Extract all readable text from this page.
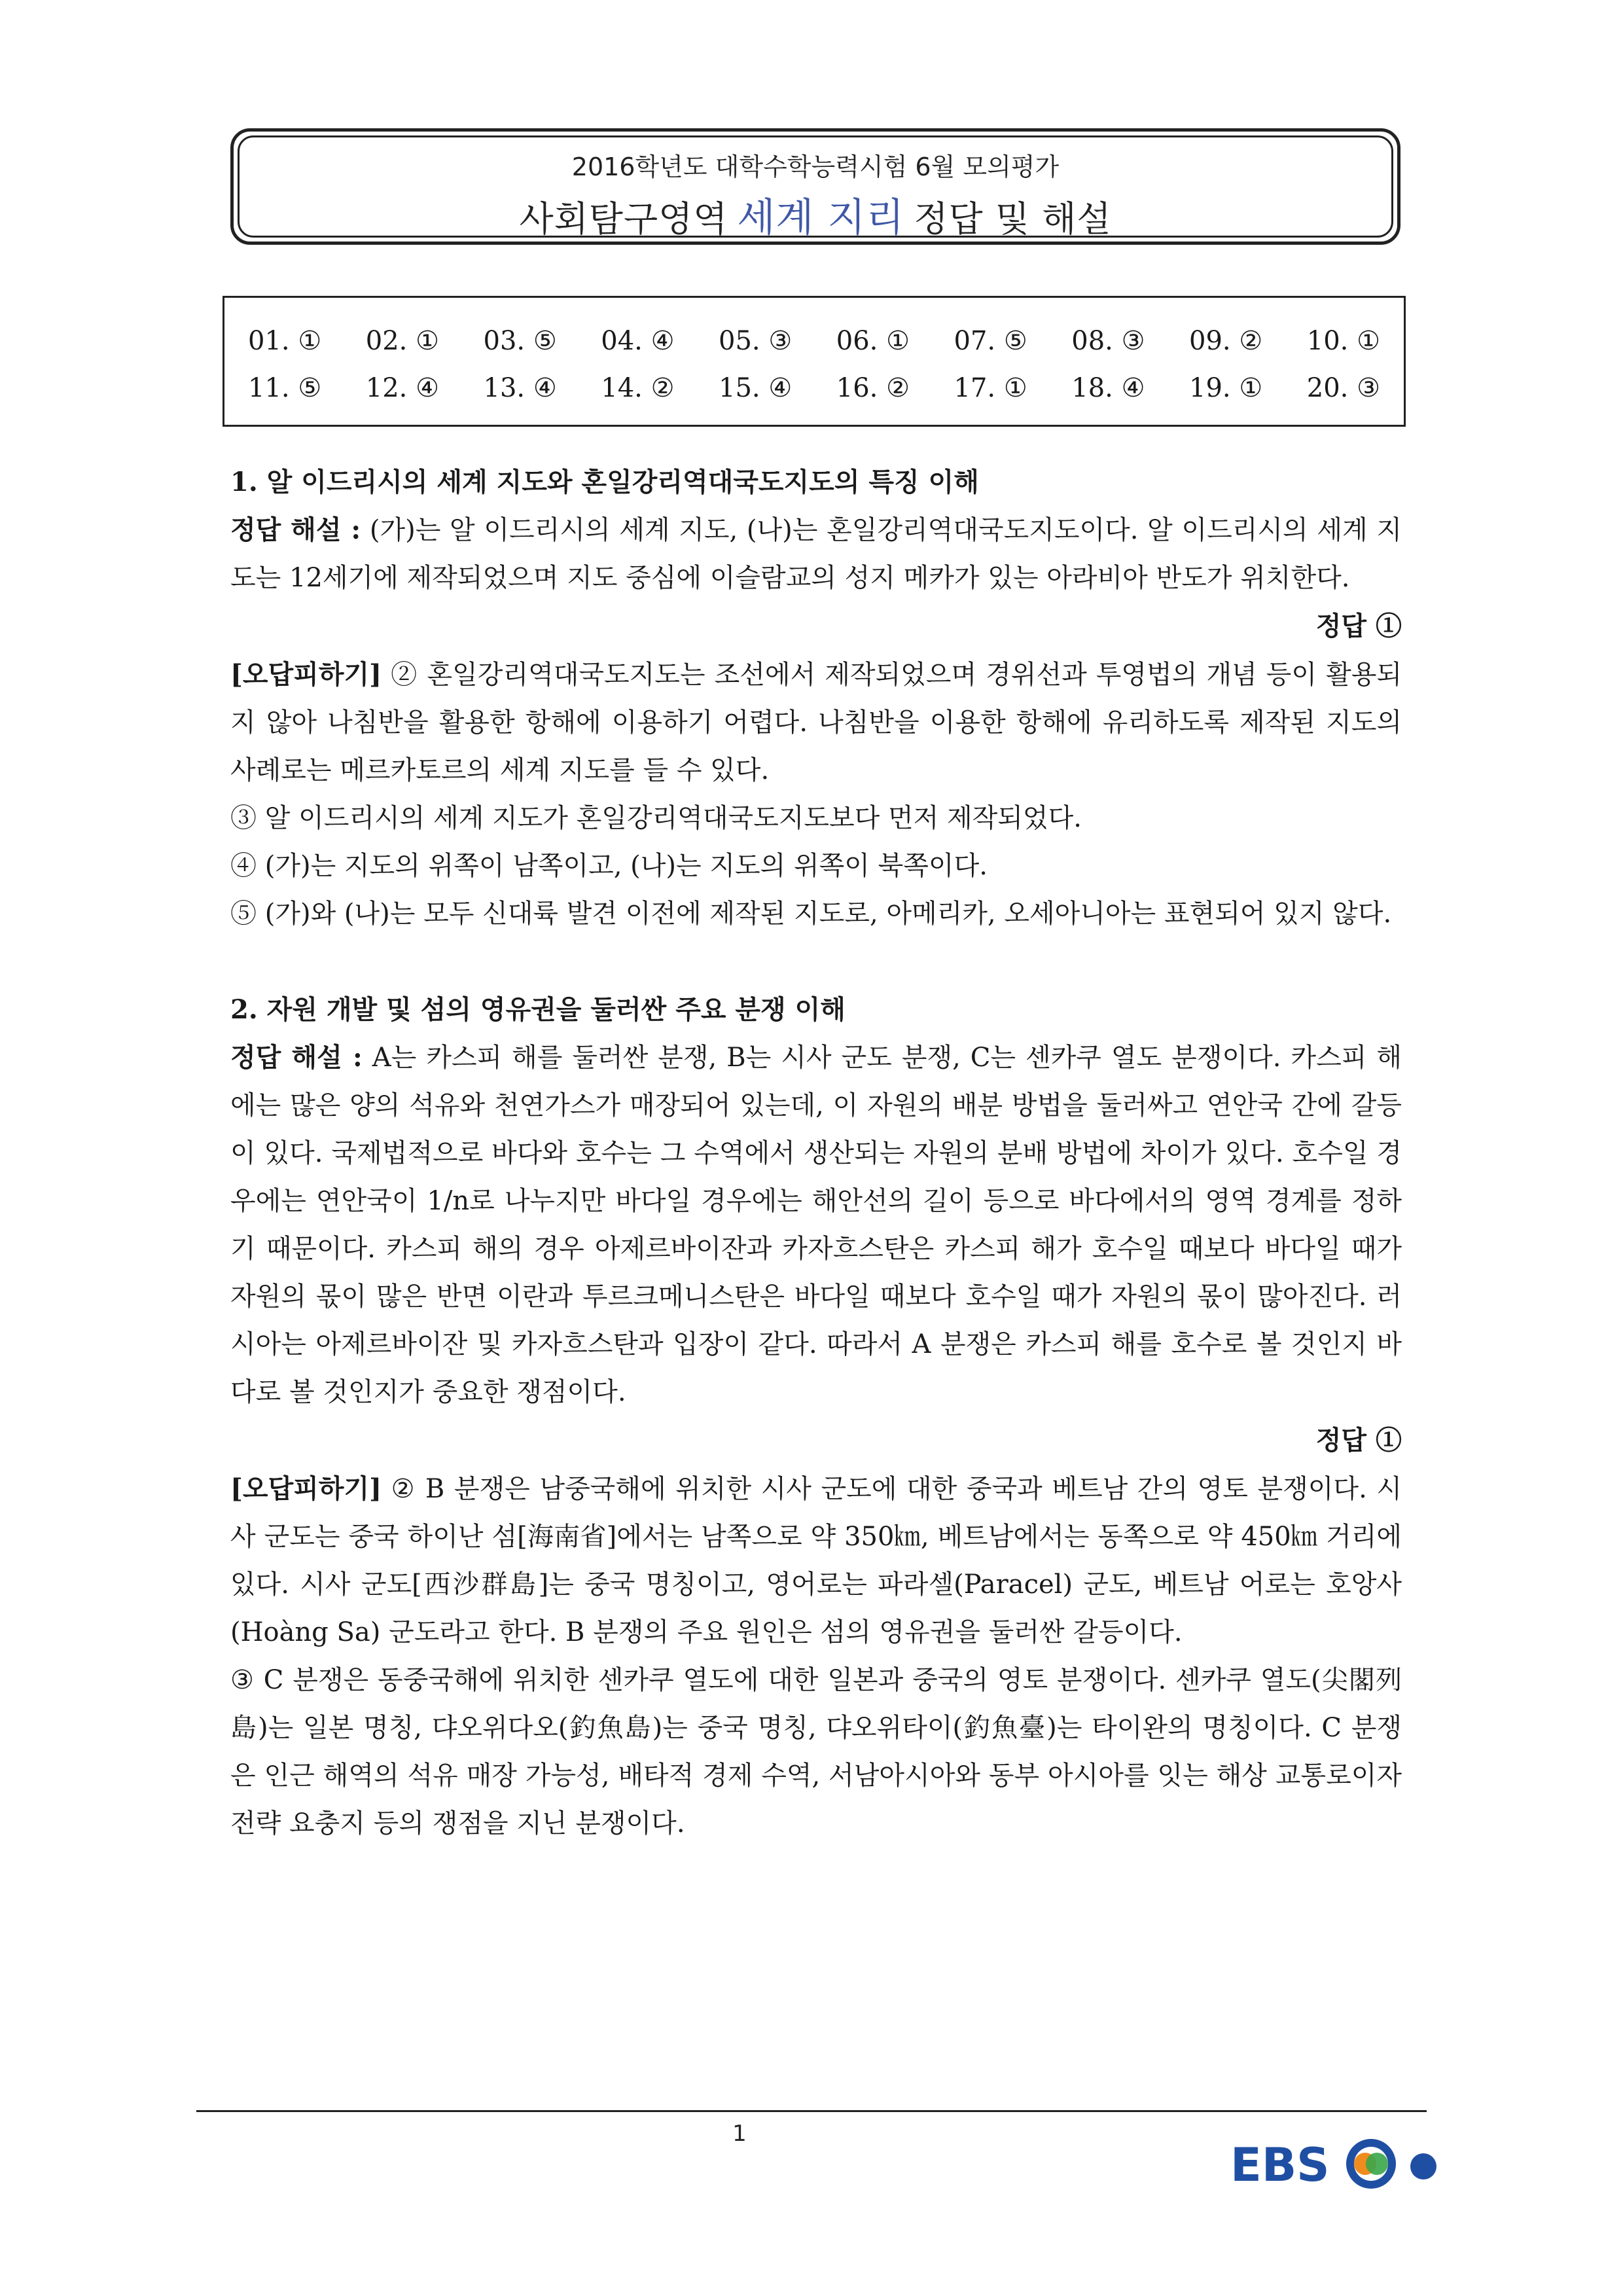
2016학년도 대학수학능력시험 6월 모의평가
사회탐구영역 세계 지리 정답 및 해설
01. ① 02. ① 03. ⑤ 04. ④ 05. ③ 06. ① 07. ⑤ 08. ③ 09. ② 10. ①
11. ⑤ 12. ④ 13. ④ 14. ② 15. ④ 16. ② 17. ① 18. ④ 19. ① 20. ③

1. 알 이드리시의 세계 지도와 혼일강리역대국도지도의 특징 이해

정답 해설 : (가)는 알 이드리시의 세계 지도, (나)는 혼일강리역대국도지도이다. 알 이드리시의 세계 지도는 12세기에 제작되었으며 지도 중심에 이슬람교의 성지 메카가 있는 아라비아 반도가 위치한다.

정답 ①

[오답피하기] ② 혼일강리역대국도지도는 조선에서 제작되었으며 경위선과 투영법의 개념 등이 활용되지 않아 나침반을 활용한 항해에 이용하기 어렵다. 나침반을 이용한 항해에 유리하도록 제작된 지도의 사례로는 메르카토르의 세계 지도를 들 수 있다.

③ 알 이드리시의 세계 지도가 혼일강리역대국도지도보다 먼저 제작되었다.

④ (가)는 지도의 위쪽이 남쪽이고, (나)는 지도의 위쪽이 북쪽이다.

⑤ (가)와 (나)는 모두 신대륙 발견 이전에 제작된 지도로, 아메리카, 오세아니아는 표현되어 있지 않다.

2. 자원 개발 및 섬의 영유권을 둘러싼 주요 분쟁 이해

정답 해설 : A는 카스피 해를 둘러싼 분쟁, B는 시사 군도 분쟁, C는 센카쿠 열도 분쟁이다. 카스피 해에는 많은 양의 석유와 천연가스가 매장되어 있는데, 이 자원의 배분 방법을 둘러싸고 연안국 간에 갈등이 있다. 국제법적으로 바다와 호수는 그 수역에서 생산되는 자원의 분배 방법에 차이가 있다. 호수일 경우에는 연안국이 1/n로 나누지만 바다일 경우에는 해안선의 길이 등으로 바다에서의 영역 경계를 정하기 때문이다. 카스피 해의 경우 아제르바이잔과 카자흐스탄은 카스피 해가 호수일 때보다 바다일 때가 자원의 몫이 많은 반면 이란과 투르크메니스탄은 바다일 때보다 호수일 때가 자원의 몫이 많아진다. 러시아는 아제르바이잔 및 카자흐스탄과 입장이 같다. 따라서 A 분쟁은 카스피 해를 호수로 볼 것인지 바다로 볼 것인지가 중요한 쟁점이다.

정답 ①

[오답피하기] ② B 분쟁은 남중국해에 위치한 시사 군도에 대한 중국과 베트남 간의 영토 분쟁이다. 시사 군도는 중국 하이난 섬[海南省]에서는 남쪽으로 약 350㎞, 베트남에서는 동쪽으로 약 450㎞ 거리에 있다. 시사 군도[西沙群島]는 중국 명칭이고, 영어로는 파라셀(Paracel) 군도, 베트남 어로는 호앙사(Hoàng Sa) 군도라고 한다. B 분쟁의 주요 원인은 섬의 영유권을 둘러싼 갈등이다.

③ C 분쟁은 동중국해에 위치한 센카쿠 열도에 대한 일본과 중국의 영토 분쟁이다. 센카쿠 열도(尖閣列島)는 일본 명칭, 댜오위다오(釣魚島)는 중국 명칭, 댜오위타이(釣魚臺)는 타이완의 명칭이다. C 분쟁은 인근 해역의 석유 매장 가능성, 배타적 경제 수역, 서남아시아와 동부 아시아를 잇는 해상 교통로이자 전략 요충지 등의 쟁점을 지닌 분쟁이다.

1
EBS
